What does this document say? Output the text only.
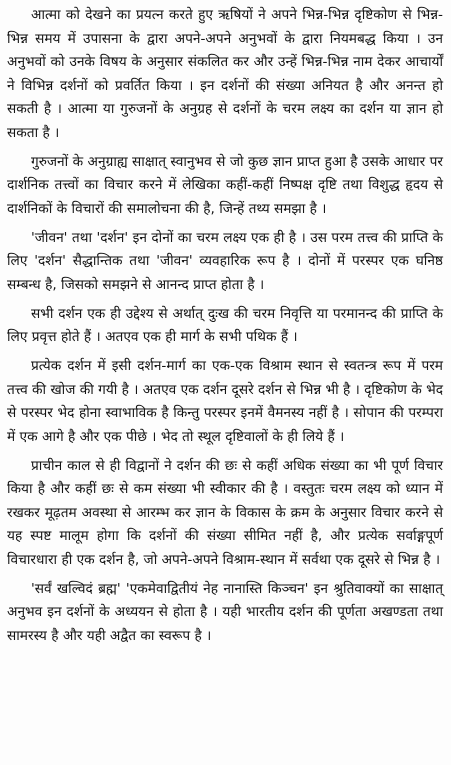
आत्मा को देखने का प्रयत्न करते हुए ऋषियों ने अपने भिन्न-भिन्न दृष्टिकोण से भिन्न-भिन्न समय में उपासना के द्वारा अपने-अपने अनुभवों के द्वारा नियमबद्ध किया । उन अनुभवों को उनके विषय के अनुसार संकलित कर और उन्हें भिन्न-भिन्न नाम देकर आचार्यों ने विभिन्न दर्शनों को प्रवर्तित किया । इन दर्शनों की संख्या अनियत है और अनन्त हो सकती है । आत्मा या गुरुजनों के अनुग्रह से दर्शनों के चरम लक्ष्य का दर्शन या ज्ञान हो सकता है ।

गुरुजनों के अनुग्राह्य साक्षात् स्वानुभव से जो कुछ ज्ञान प्राप्त हुआ है उसके आधार पर दार्शनिक तत्त्वों का विचार करने में लेखिका कहीं-कहीं निष्पक्ष दृष्टि तथा विशुद्ध हृदय से दार्शनिकों के विचारों की समालोचना की है, जिन्हें तथ्य समझा है ।

'जीवन' तथा 'दर्शन' इन दोनों का चरम लक्ष्य एक ही है । उस परम तत्त्व की प्राप्ति के लिए 'दर्शन' सैद्धान्तिक तथा 'जीवन' व्यवहारिक रूप है । दोनों में परस्पर एक घनिष्ठ सम्बन्ध है, जिसको समझने से आनन्द प्राप्त होता है ।

सभी दर्शन एक ही उद्देश्य से अर्थात् दुःख की चरम निवृत्ति या परमानन्द की प्राप्ति के लिए प्रवृत्त होते हैं । अतएव एक ही मार्ग के सभी पथिक हैं ।

प्रत्येक दर्शन में इसी दर्शन-मार्ग का एक-एक विश्राम स्थान से स्वतन्त्र रूप में परम तत्त्व की खोज की गयी है । अतएव एक दर्शन दूसरे दर्शन से भिन्न भी है । दृष्टिकोण के भेद से परस्पर भेद होना स्वाभाविक है किन्तु परस्पर इनमें वैमनस्य नहीं है । सोपान की परम्परा में एक आगे है और एक पीछे । भेद तो स्थूल दृष्टिवालों के ही लिये हैं ।

प्राचीन काल से ही विद्वानों ने दर्शन की छः से कहीं अधिक संख्या का भी पूर्ण विचार किया है और कहीं छः से कम संख्या भी स्वीकार की है । वस्तुतः चरम लक्ष्य को ध्यान में रखकर मूढ़तम अवस्था से आरम्भ कर ज्ञान के विकास के क्रम के अनुसार विचार करने से यह स्पष्ट मालूम होगा कि दर्शनों की संख्या सीमित नहीं है, और प्रत्येक सर्वाङ्गपूर्ण विचारधारा ही एक दर्शन है, जो अपने-अपने विश्राम-स्थान में सर्वथा एक दूसरे से भिन्न है ।

'सर्वं खल्विदं ब्रह्म' 'एकमेवाद्वितीयं नेह नानास्ति किञ्चन' इन श्रुतिवाक्यों का साक्षात् अनुभव इन दर्शनों के अध्ययन से होता है । यही भारतीय दर्शन की पूर्णता अखण्डता तथा सामरस्य है और यही अद्वैत का स्वरूप है ।
